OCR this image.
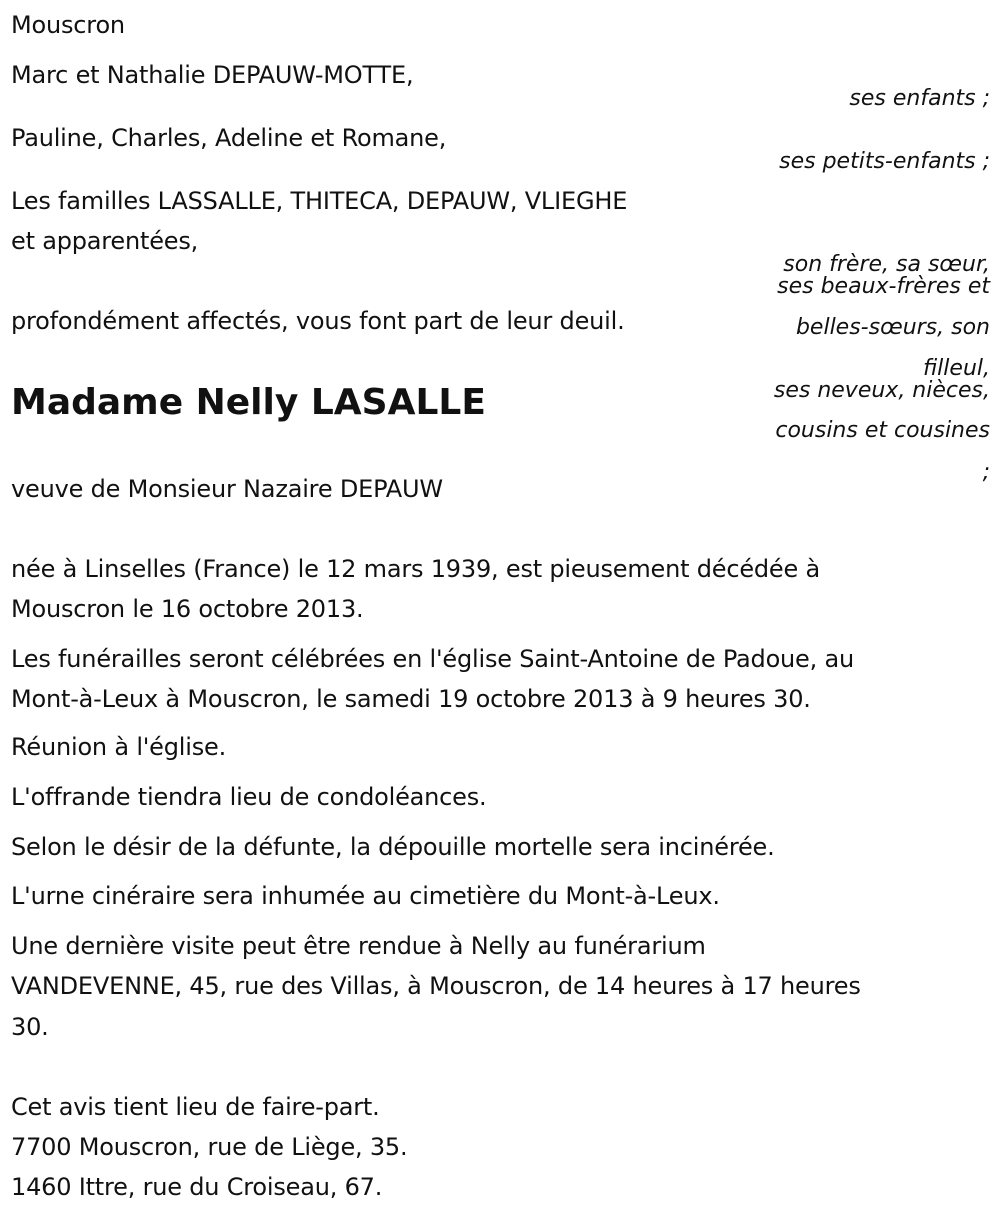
Mouscron
Marc et Nathalie DEPAUW-MOTTE,
ses enfants ;
Pauline, Charles, Adeline et Romane,
ses petits-enfants ;
Les familles LASSALLE, THITECA, DEPAUW, VLIEGHE
et apparentées,
son frère, sa sœur,
ses beaux-frères et
belles-sœurs, son
filleul,
ses neveux, nièces,
cousins et cousines
;
profondément affectés, vous font part de leur deuil.
Madame Nelly LASALLE
veuve de Monsieur Nazaire DEPAUW
née à Linselles (France) le 12 mars 1939, est pieusement décédée à
Mouscron le 16 octobre 2013.
Les funérailles seront célébrées en l'église Saint-Antoine de Padoue, au
Mont-à-Leux à Mouscron, le samedi 19 octobre 2013 à 9 heures 30.
Réunion à l'église.
L'offrande tiendra lieu de condoléances.
Selon le désir de la défunte, la dépouille mortelle sera incinérée.
L'urne cinéraire sera inhumée au cimetière du Mont-à-Leux.
Une dernière visite peut être rendue à Nelly au funérarium
VANDEVENNE, 45, rue des Villas, à Mouscron, de 14 heures à 17 heures
30.
Cet avis tient lieu de faire-part.
7700 Mouscron, rue de Liège, 35.
1460 Ittre, rue du Croiseau, 67.
